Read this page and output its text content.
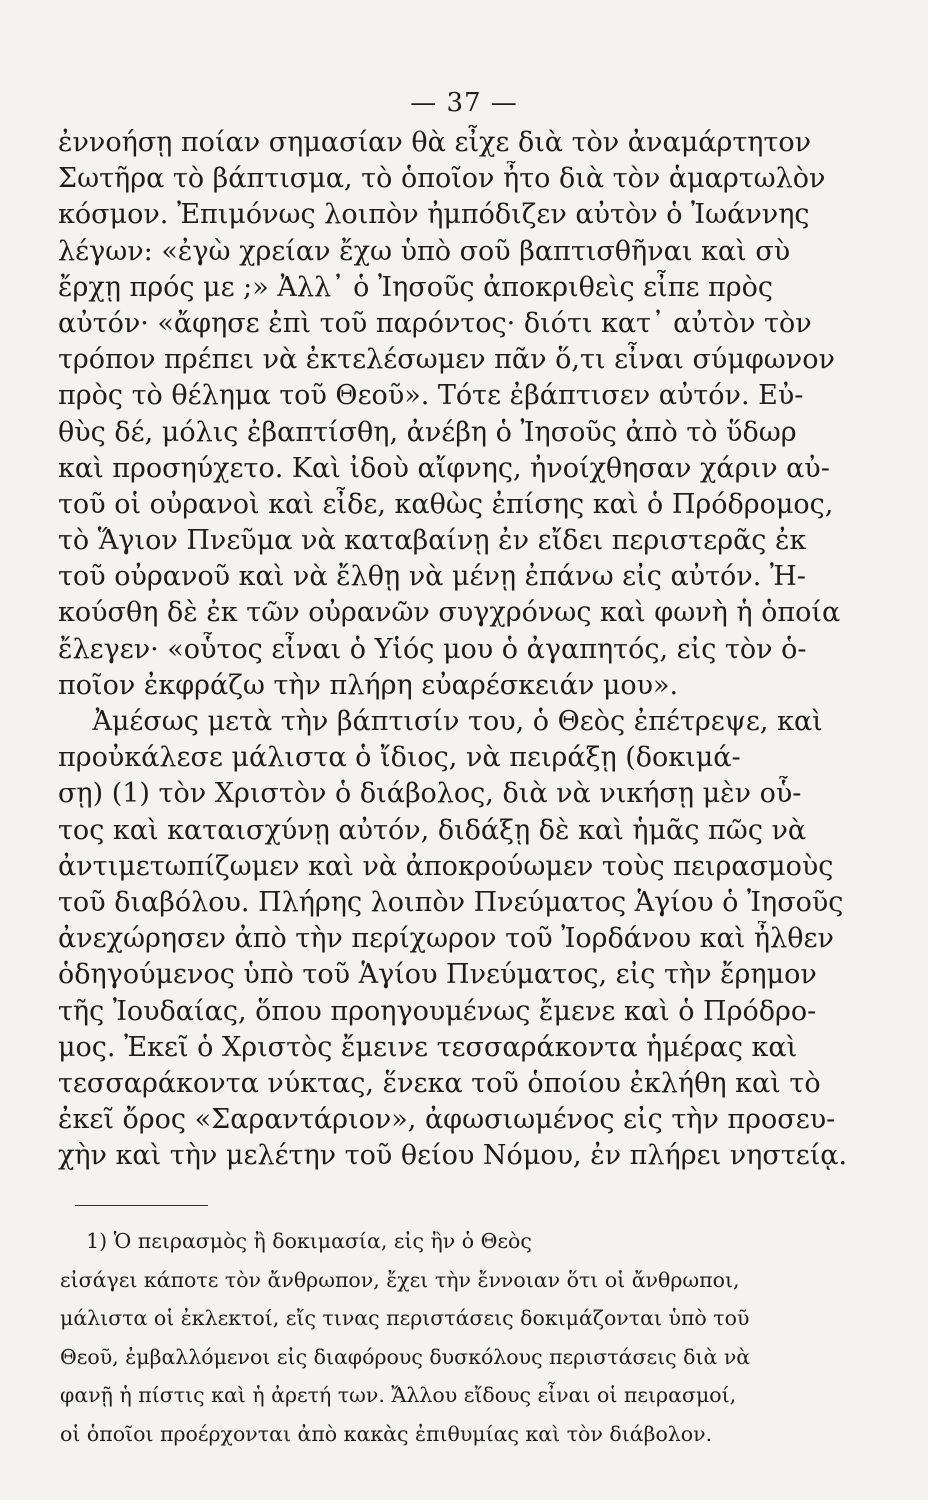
— 37 —
ἐννοήσῃ ποίαν σημασίαν θὰ εἶχε διὰ τὸν ἀναμάρτητον
Σωτῆρα τὸ βάπτισμα, τὸ ὁποῖον ἦτο διὰ τὸν ἁμαρτωλὸν
κόσμον. Ἐπιμόνως λοιπὸν ἠμπόδιζεν αὐτὸν ὁ Ἰωάννης
λέγων: «ἐγὼ χρείαν ἔχω ὑπὸ σοῦ βαπτισθῆναι καὶ σὺ
ἔρχῃ πρός με ;» Ἀλλ᾽ ὁ Ἰησοῦς ἀποκριθεὶς εἶπε πρὸς
αὐτόν· «ἄφησε ἐπὶ τοῦ παρόντος· διότι κατ᾽ αὐτὸν τὸν
τρόπον πρέπει νὰ ἐκτελέσωμεν πᾶν ὅ,τι εἶναι σύμφωνον
πρὸς τὸ θέλημα τοῦ Θεοῦ». Τότε ἐβάπτισεν αὐτόν. Εὐ-
θὺς δέ, μόλις ἐβαπτίσθη, ἀνέβη ὁ Ἰησοῦς ἀπὸ τὸ ὕδωρ
καὶ προσηύχετο. Καὶ ἰδοὺ αἴφνης, ἠνοίχθησαν χάριν αὐ-
τοῦ οἱ οὐρανοὶ καὶ εἶδε, καθὼς ἐπίσης καὶ ὁ Πρόδρομος,
τὸ Ἅγιον Πνεῦμα νὰ καταβαίνῃ ἐν εἴδει περιστερᾶς ἐκ
τοῦ οὐρανοῦ καὶ νὰ ἔλθῃ νὰ μένῃ ἐπάνω εἰς αὐτόν. Ἠ-
κούσθη δὲ ἐκ τῶν οὐρανῶν συγχρόνως καὶ φωνὴ ἡ ὁποία
ἔλεγεν· «οὗτος εἶναι ὁ Υἱός μου ὁ ἀγαπητός, εἰς τὸν ὁ-
ποῖον ἐκφράζω τὴν πλήρη εὐαρέσκειάν μου».
Ἀμέσως μετὰ τὴν βάπτισίν του, ὁ Θεὸς ἐπέτρεψε, καὶ
προὐκάλεσε μάλιστα ὁ ἴδιος, νὰ πειράξῃ (δοκιμά-
σῃ) (1) τὸν Χριστὸν ὁ διάβολος, διὰ νὰ νικήσῃ μὲν οὗ-
τος καὶ καταισχύνῃ αὐτόν, διδάξῃ δὲ καὶ ἡμᾶς πῶς νὰ
ἀντιμετωπίζωμεν καὶ νὰ ἀποκρούωμεν τοὺς πειρασμοὺς
τοῦ διαβόλου. Πλήρης λοιπὸν Πνεύματος Ἁγίου ὁ Ἰησοῦς
ἀνεχώρησεν ἀπὸ τὴν περίχωρον τοῦ Ἰορδάνου καὶ ἦλθεν
ὁδηγούμενος ὑπὸ τοῦ Ἁγίου Πνεύματος, εἰς τὴν ἔρημον
τῆς Ἰουδαίας, ὅπου προηγουμένως ἔμενε καὶ ὁ Πρόδρο-
μος. Ἐκεῖ ὁ Χριστὸς ἔμεινε τεσσαράκοντα ἡμέρας καὶ
τεσσαράκοντα νύκτας, ἕνεκα τοῦ ὁποίου ἐκλήθη καὶ τὸ
ἐκεῖ ὄρος «Σαραντάριον», ἀφωσιωμένος εἰς τὴν προσευ-
χὴν καὶ τὴν μελέτην τοῦ θείου Νόμου, ἐν πλήρει νηστείᾳ.
1) Ὁ πειρασμὸς ἢ δοκιμασία, εἰς ἣν ὁ Θεὸς
εἰσάγει κάποτε τὸν ἄνθρωπον, ἔχει τὴν ἔννοιαν ὅτι οἱ ἄνθρωποι,
μάλιστα οἱ ἐκλεκτοί, εἴς τινας περιστάσεις δοκιμάζονται ὑπὸ τοῦ
Θεοῦ, ἐμβαλλόμενοι εἰς διαφόρους δυσκόλους περιστάσεις διὰ νὰ
φανῇ ἡ πίστις καὶ ἡ ἀρετή των. Ἄλλου εἴδους εἶναι οἱ πειρασμοί,
οἱ ὁποῖοι προέρχονται ἀπὸ κακὰς ἐπιθυμίας καὶ τὸν διάβολον.
